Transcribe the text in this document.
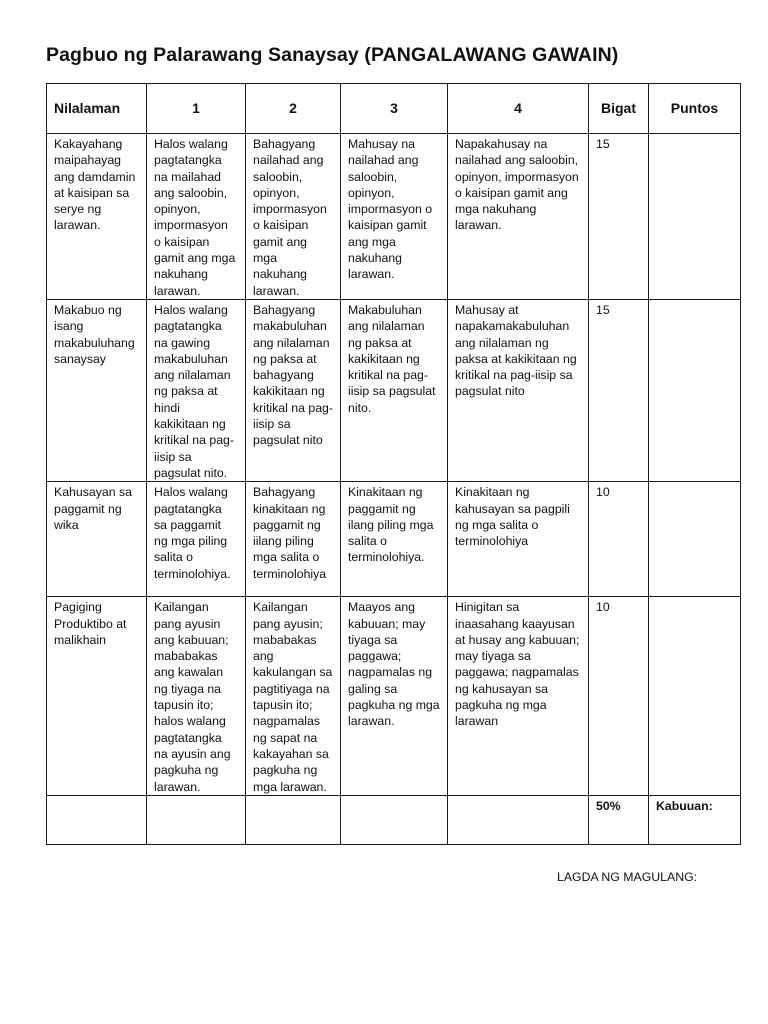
Pagbuo ng Palarawang Sanaysay (PANGALAWANG GAWAIN)
Nilalaman	1	2	3	4	Bigat	Puntos
Kakayahang maipahayag ang damdamin at kaisipan sa serye ng larawan.	Halos walang pagtatangka na mailahad ang saloobin, opinyon, impormasyon o kaisipan gamit ang mga nakuhang larawan.	Bahagyang nailahad ang saloobin, opinyon, impormasyon o kaisipan gamit ang mga nakuhang larawan.	Mahusay na nailahad ang saloobin, opinyon, impormasyon o kaisipan gamit ang mga nakuhang larawan.	Napakahusay na nailahad ang saloobin, opinyon, impormasyon o kaisipan gamit ang mga nakuhang larawan.	15	
Makabuo ng isang makabuluhang sanaysay	Halos walang pagtatangka na gawing makabuluhan ang nilalaman ng paksa at hindi kakikitaan ng kritikal na pag-iisip sa pagsulat nito.	Bahagyang makabuluhan ang nilalaman ng paksa at bahagyang kakikitaan ng kritikal na pag-iisip sa pagsulat nito	Makabuluhan ang nilalaman ng paksa at kakikitaan ng kritikal na pag-iisip sa pagsulat nito.	Mahusay at napakamakabuluhan ang nilalaman ng paksa at kakikitaan ng kritikal na pag-iisip sa pagsulat nito	15	
Kahusayan sa paggamit ng wika	Halos walang pagtatangka sa paggamit ng mga piling salita o terminolohiya.	Bahagyang kinakitaan ng paggamit ng iilang piling mga salita o terminolohiya	Kinakitaan ng paggamit ng ilang piling mga salita o terminolohiya.	Kinakitaan ng kahusayan sa pagpili ng mga salita o terminolohiya	10	
Pagiging Produktibo at malikhain	Kailangan pang ayusin ang kabuuan; mababakas ang kawalan ng tiyaga na tapusin ito; halos walang pagtatangka na ayusin ang pagkuha ng larawan.	Kailangan pang ayusin; mababakas ang kakulangan sa pagtitiyaga na tapusin ito; nagpamalas ng sapat na kakayahan sa pagkuha ng mga larawan.	Maayos ang kabuuan; may tiyaga sa paggawa; nagpamalas ng galing sa pagkuha ng mga larawan.	Hinigitan sa inaasahang kaayusan at husay ang kabuuan; may tiyaga sa paggawa; nagpamalas ng kahusayan sa pagkuha ng mga larawan	10	
					50%	Kabuuan:
LAGDA NG MAGULANG:
